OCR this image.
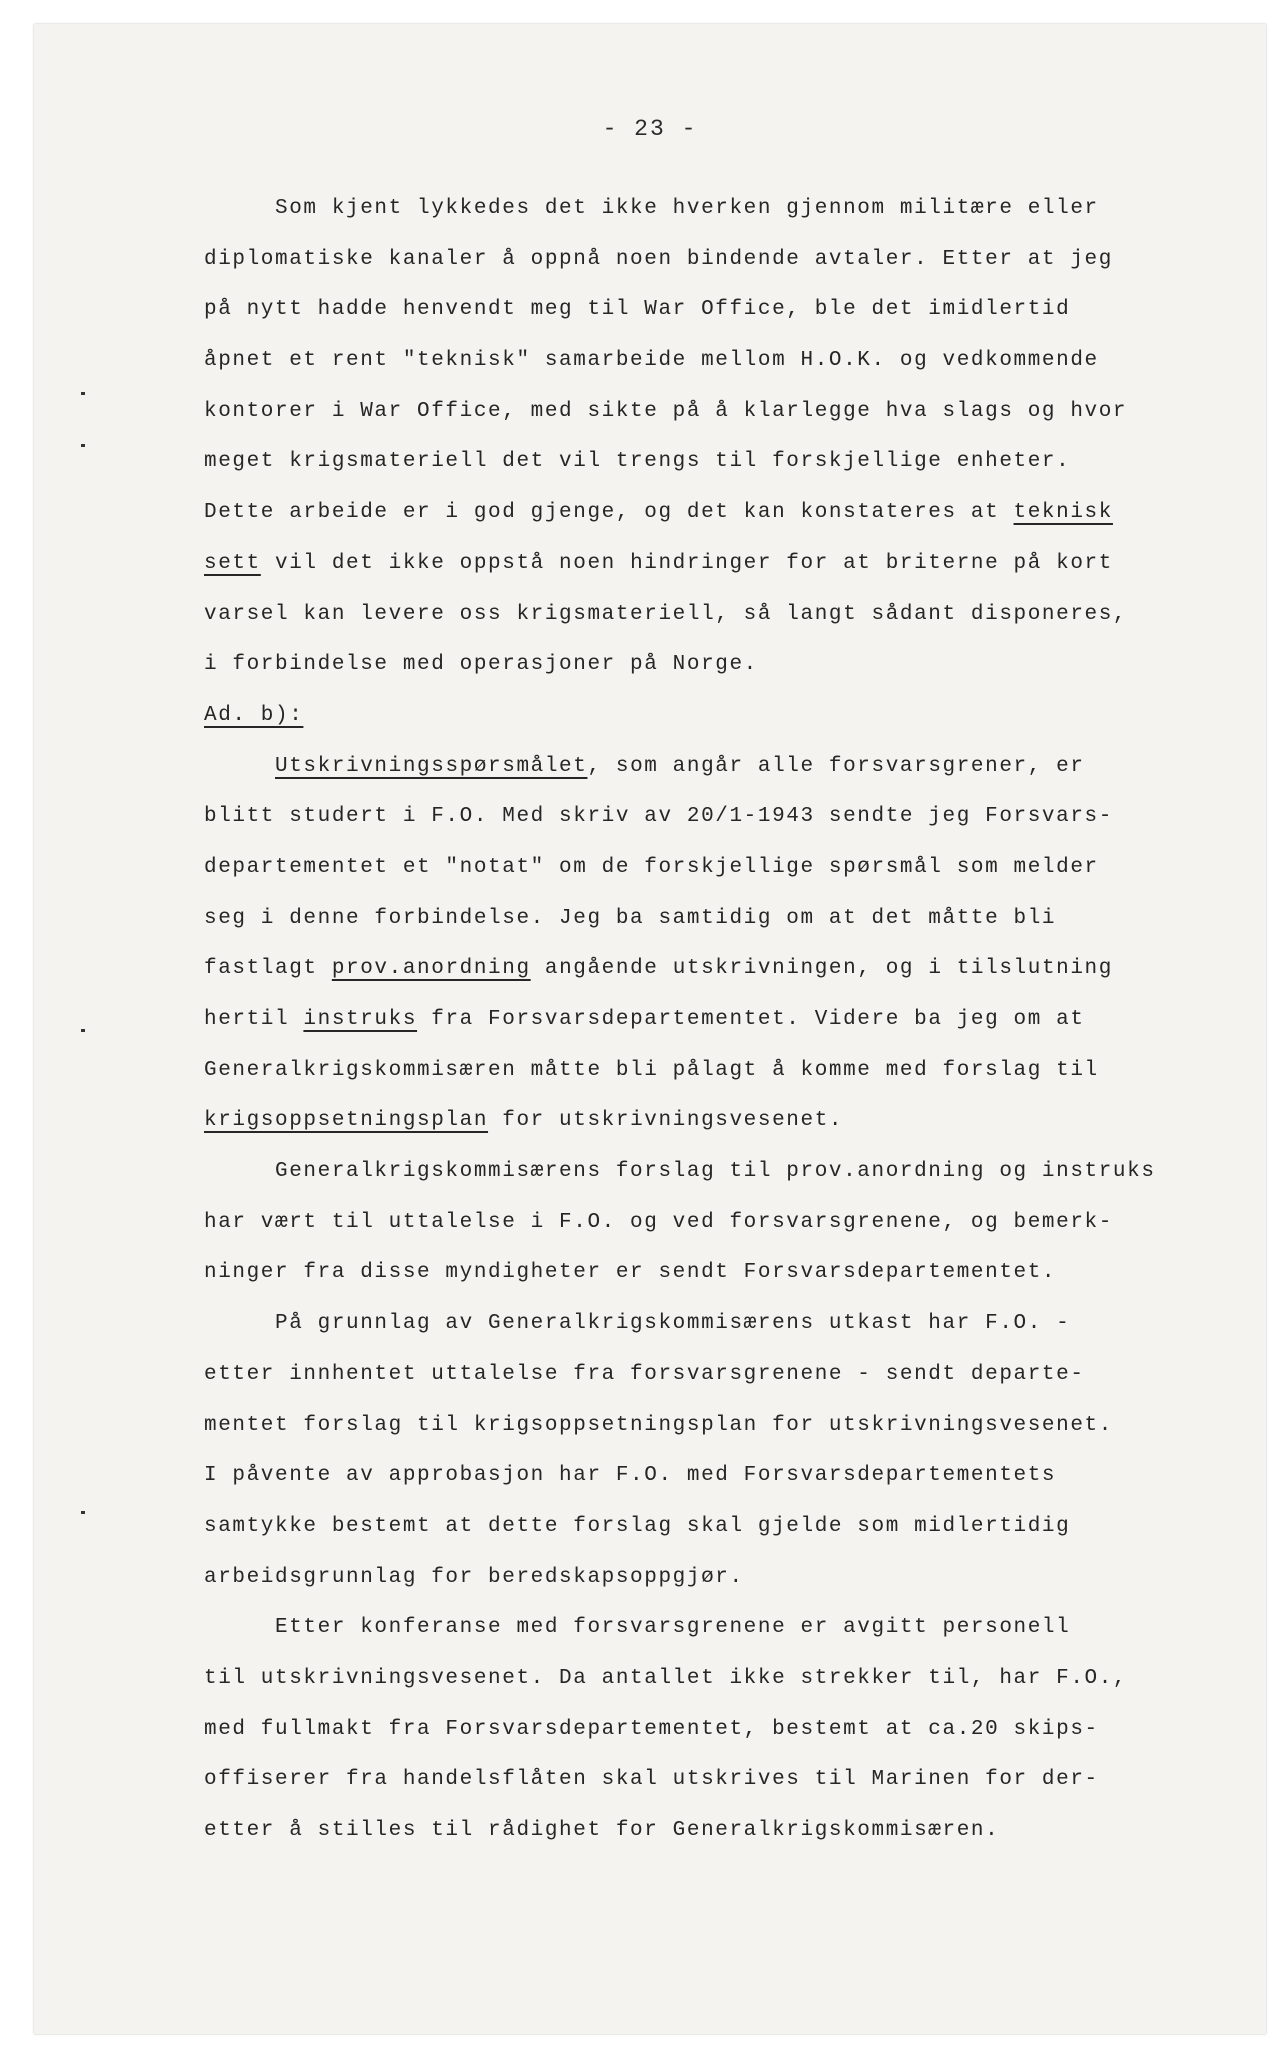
- 23 -
Som kjent lykkedes det ikke hverken gjennom militære eller
diplomatiske kanaler å oppnå noen bindende avtaler. Etter at jeg
på nytt hadde henvendt meg til War Office, ble det imidlertid
åpnet et rent "teknisk" samarbeide mellom H.O.K. og vedkommende
kontorer i War Office, med sikte på å klarlegge hva slags og hvor
meget krigsmateriell det vil trengs til forskjellige enheter.
Dette arbeide er i god gjenge, og det kan konstateres at teknisk
sett vil det ikke oppstå noen hindringer for at briterne på kort
varsel kan levere oss krigsmateriell, så langt sådant disponeres,
i forbindelse med operasjoner på Norge.
Ad. b):
Utskrivningsspørsmålet, som angår alle forsvarsgrener, er
blitt studert i F.O. Med skriv av 20/1-1943 sendte jeg Forsvars-
departementet et "notat" om de forskjellige spørsmål som melder
seg i denne forbindelse. Jeg ba samtidig om at det måtte bli
fastlagt prov.anordning angående utskrivningen, og i tilslutning
hertil instruks fra Forsvarsdepartementet. Videre ba jeg om at
Generalkrigskommisæren måtte bli pålagt å komme med forslag til
krigsoppsetningsplan for utskrivningsvesenet.
Generalkrigskommisærens forslag til prov.anordning og instruks
har vært til uttalelse i F.O. og ved forsvarsgrenene, og bemerk-
ninger fra disse myndigheter er sendt Forsvarsdepartementet.
På grunnlag av Generalkrigskommisærens utkast har F.O. -
etter innhentet uttalelse fra forsvarsgrenene - sendt departe-
mentet forslag til krigsoppsetningsplan for utskrivningsvesenet.
I påvente av approbasjon har F.O. med Forsvarsdepartementets
samtykke bestemt at dette forslag skal gjelde som midlertidig
arbeidsgrunnlag for beredskapsoppgjør.
Etter konferanse med forsvarsgrenene er avgitt personell
til utskrivningsvesenet. Da antallet ikke strekker til, har F.O.,
med fullmakt fra Forsvarsdepartementet, bestemt at ca.20 skips-
offiserer fra handelsflåten skal utskrives til Marinen for der-
etter å stilles til rådighet for Generalkrigskommisæren.
